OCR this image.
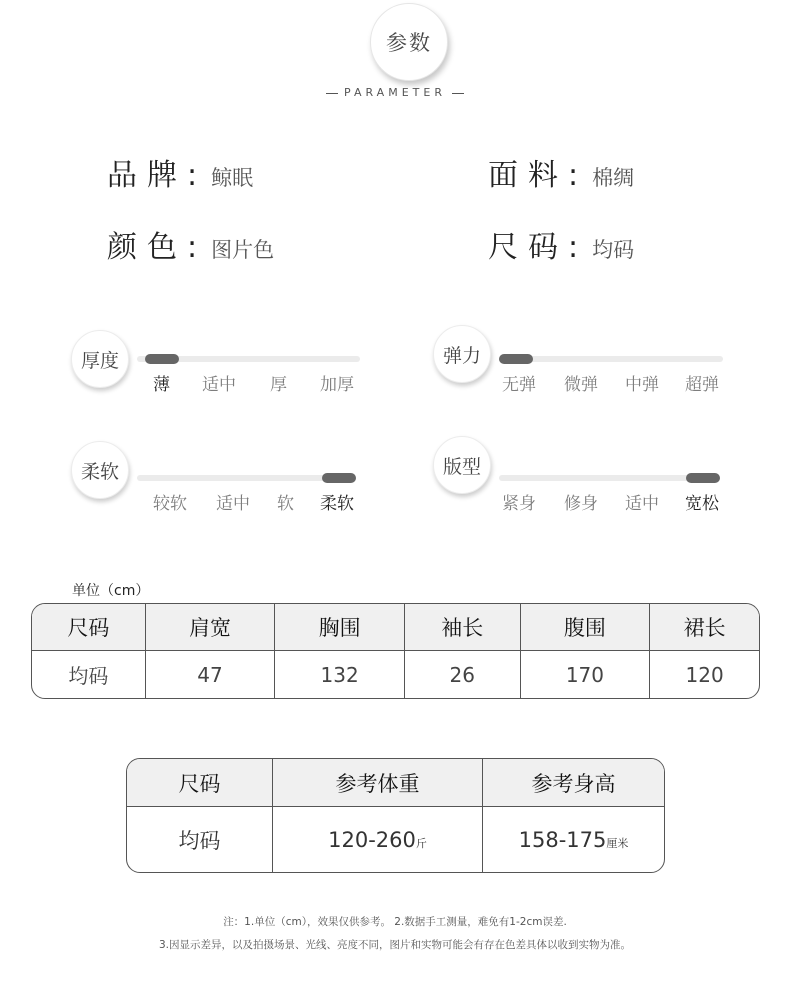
参数
PARAMETER
品牌 : 鲸眠	面料 : 棉绸
颜色 : 图片色	尺码 : 均码
厚度
薄 适中 厚 加厚
弹力
无弹 微弹 中弹 超弹
柔软
较软 适中 软 柔软
版型
紧身 修身 适中 宽松
单位（cm）
尺码	肩宽	胸围	袖长	腹围	裙长
均码	47	132	26	170	120
尺码	参考体重	参考身高
均码	120-260斤	158-175厘米
注：1.单位（cm），效果仅供参考。 2.数据手工测量，难免有1-2cm误差.
3.因显示差异，以及拍摄场景、光线、亮度不同，图片和实物可能会有存在色差具体以收到实物为准。
